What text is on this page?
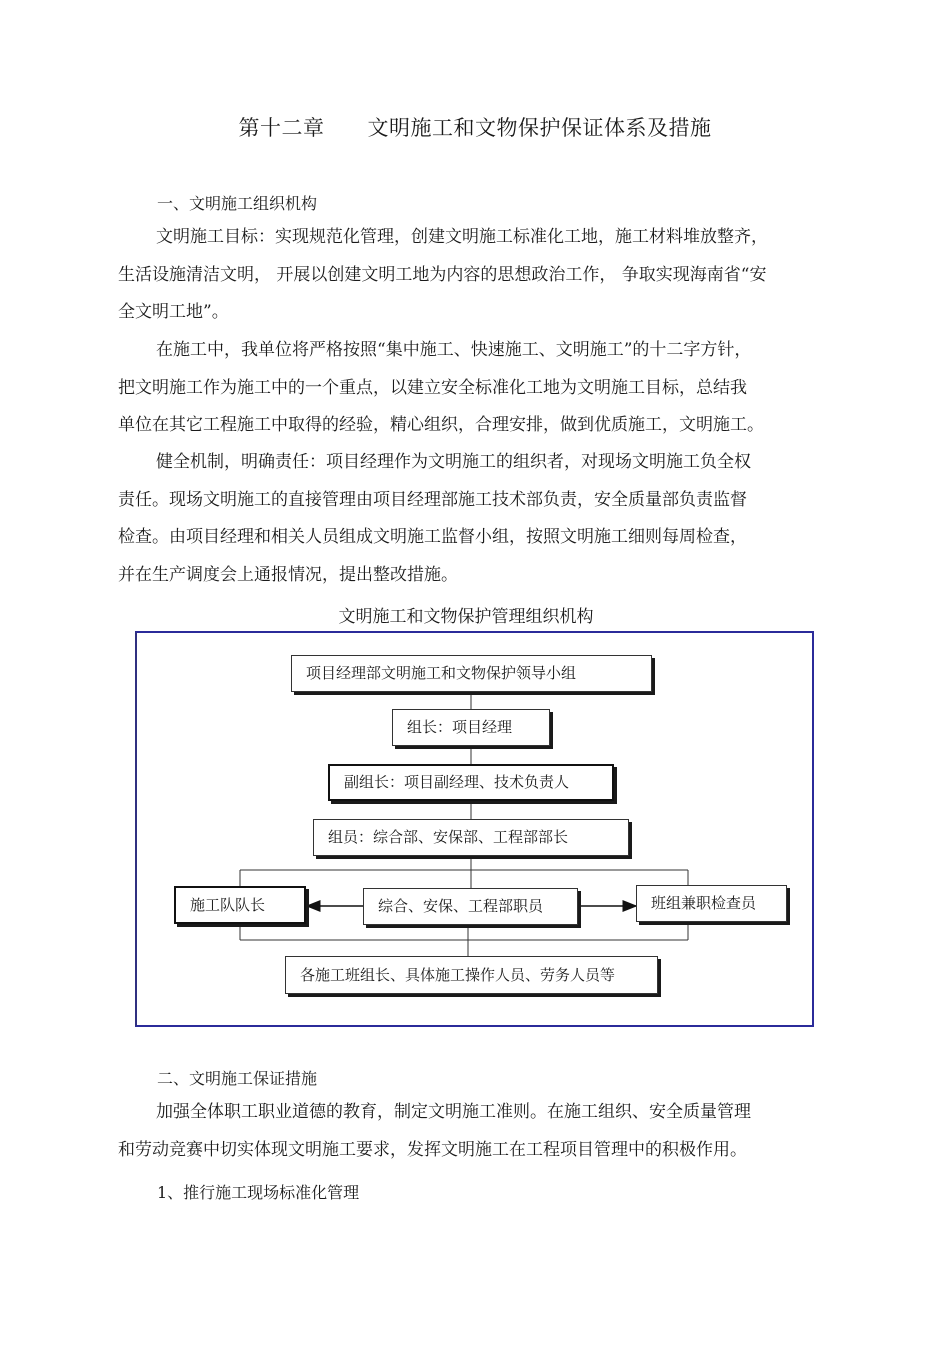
第十二章      文明施工和文物保护保证体系及措施
一、文明施工组织机构
文明施工目标：实现规范化管理，创建文明施工标准化工地，施工材料堆放整齐，
生活设施清洁文明， 开展以创建文明工地为内容的思想政治工作， 争取实现海南省“安
全文明工地”。
在施工中，我单位将严格按照“集中施工、快速施工、文明施工”的十二字方针，
把文明施工作为施工中的一个重点，以建立安全标准化工地为文明施工目标，总结我
单位在其它工程施工中取得的经验，精心组织，合理安排，做到优质施工，文明施工。
健全机制，明确责任：项目经理作为文明施工的组织者，对现场文明施工负全权
责任。现场文明施工的直接管理由项目经理部施工技术部负责，安全质量部负责监督
检查。由项目经理和相关人员组成文明施工监督小组，按照文明施工细则每周检查，
并在生产调度会上通报情况，提出整改措施。
文明施工和文物保护管理组织机构
项目经理部文明施工和文物保护领导小组
组长：项目经理
副组长：项目副经理、技术负责人
组员：综合部、安保部、工程部部长
施工队队长	综合、安保、工程部职员	班组兼职检查员
各施工班组长、具体施工操作人员、劳务人员等
二、文明施工保证措施
加强全体职工职业道德的教育，制定文明施工准则。在施工组织、安全质量管理
和劳动竞赛中切实体现文明施工要求，发挥文明施工在工程项目管理中的积极作用。
1、推行施工现场标准化管理
